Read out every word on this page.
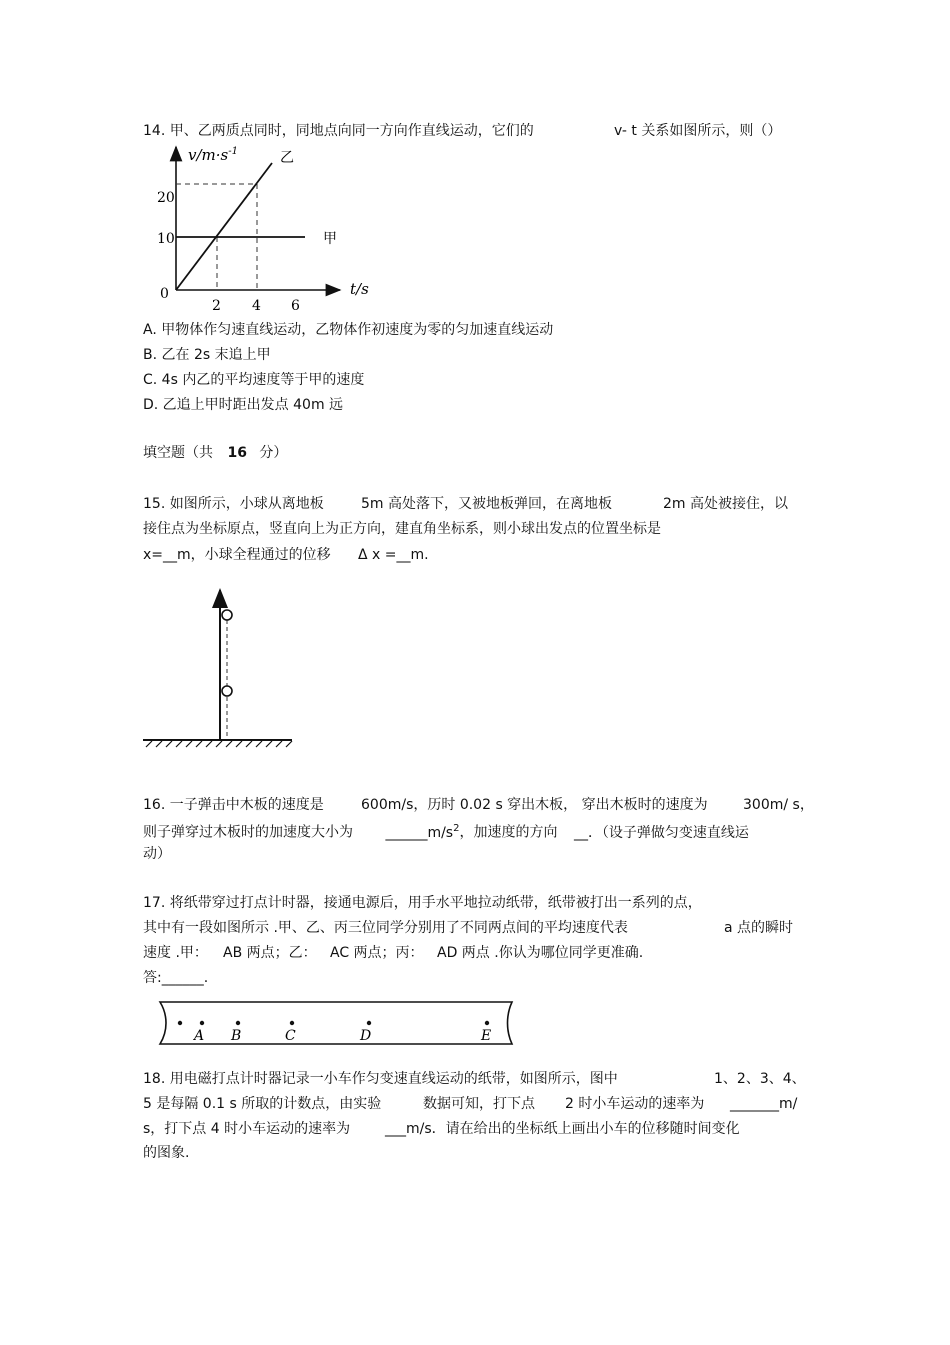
14. 甲、乙两质点同时，同地点向同一方向作直线运动，它们的	v- t 关系如图所示，则（）
$v/m\cdot s^{-1}$
0
20
10
2 4 6
t/s
乙
甲
A. 甲物体作匀速直线运动，乙物体作初速度为零的匀加速直线运动
B. 乙在 2s 末追上甲
C. 4s 内乙的平均速度等于甲的速度
D. 乙追上甲时距出发点 40m 远
填空题（共 16 分）
15. 如图所示，小球从离地板	5m 高处落下，又被地板弹回，在离地板	2m 高处被接住，以
接住点为坐标原点，竖直向上为正方向，建直角坐标系，则小球出发点的位置坐标是
x=__m，小球全程通过的位移 Δ x =__m.
16. 一子弹击中木板的速度是	600m/s，历时 0.02 s 穿出木板， 穿出木板时的速度为	300m/ s，
则子弹穿过木板时的加速度大小为 $\_\_\_\_\_\_m/s^2$，加速度的方向 __．（设子弹做匀变速直线运
动）
17. 将纸带穿过打点计时器，接通电源后，用手水平地拉动纸带，纸带被打出一系列的点，
其中有一段如图所示 .甲、乙、丙三位同学分别用了不同两点间的平均速度代表	a 点的瞬时
速度 .甲： AB 两点；乙： AC 两点；丙： AD 两点 .你认为哪位同学更准确.
答:______.
A B	C	D	E
18. 用电磁打点计时器记录一小车作匀变速直线运动的纸带，如图所示，图中	1、2、3、4、
5 是每隔 0.1 s 所取的计数点，由实验	数据可知，打下点 2 时小车运动的速率为 _______m/
s，打下点 4 时小车运动的速率为 ___m/s．请在给出的坐标纸上画出小车的位移随时间变化
的图象.
